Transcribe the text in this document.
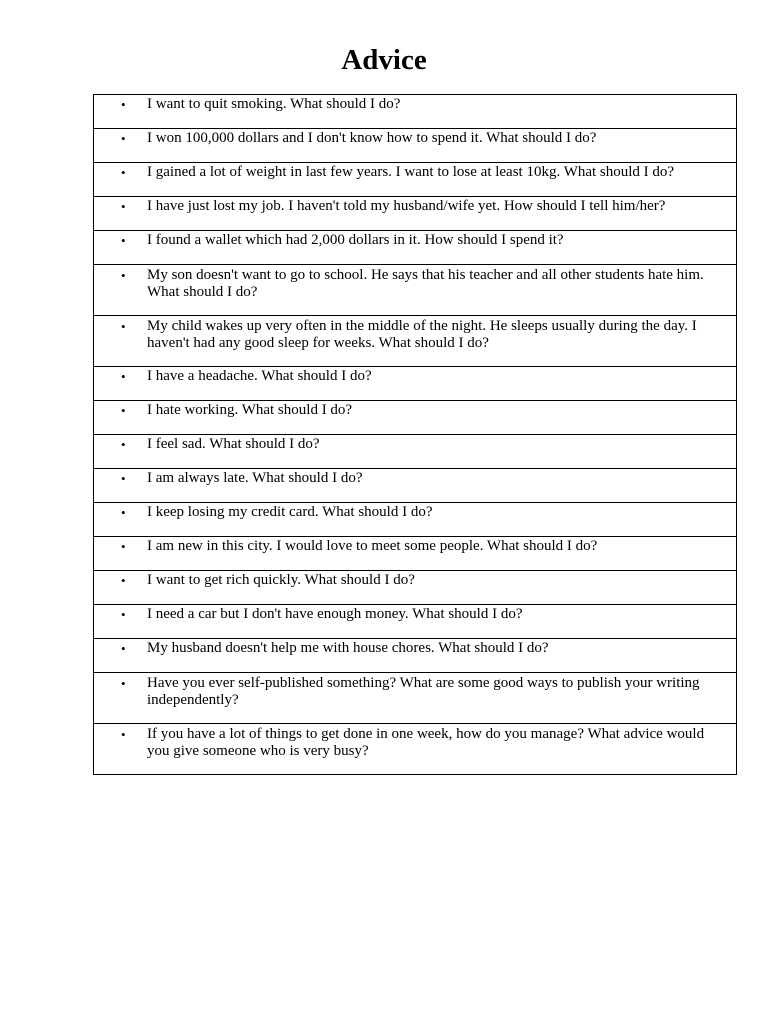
Advice
• I want to quit smoking. What should I do?

• I won 100,000 dollars and I don't know how to spend it. What should I do?

• I gained a lot of weight in last few years. I want to lose at least 10kg. What should I do?

• I have just lost my job. I haven't told my husband/wife yet. How should I tell him/her?

• I found a wallet which had 2,000 dollars in it. How should I spend it?

• My son doesn't want to go to school. He says that his teacher and all other students hate him. What should I do?

• My child wakes up very often in the middle of the night. He sleeps usually during the day. I haven't had any good sleep for weeks. What should I do?

• I have a headache. What should I do?

• I hate working. What should I do?

• I feel sad. What should I do?

• I am always late. What should I do?

• I keep losing my credit card. What should I do?

• I am new in this city. I would love to meet some people. What should I do?

• I want to get rich quickly. What should I do?

• I need a car but I don't have enough money. What should I do?

• My husband doesn't help me with house chores. What should I do?

• Have you ever self-published something? What are some good ways to publish your writing independently?

• If you have a lot of things to get done in one week, how do you manage? What advice would you give someone who is very busy?
